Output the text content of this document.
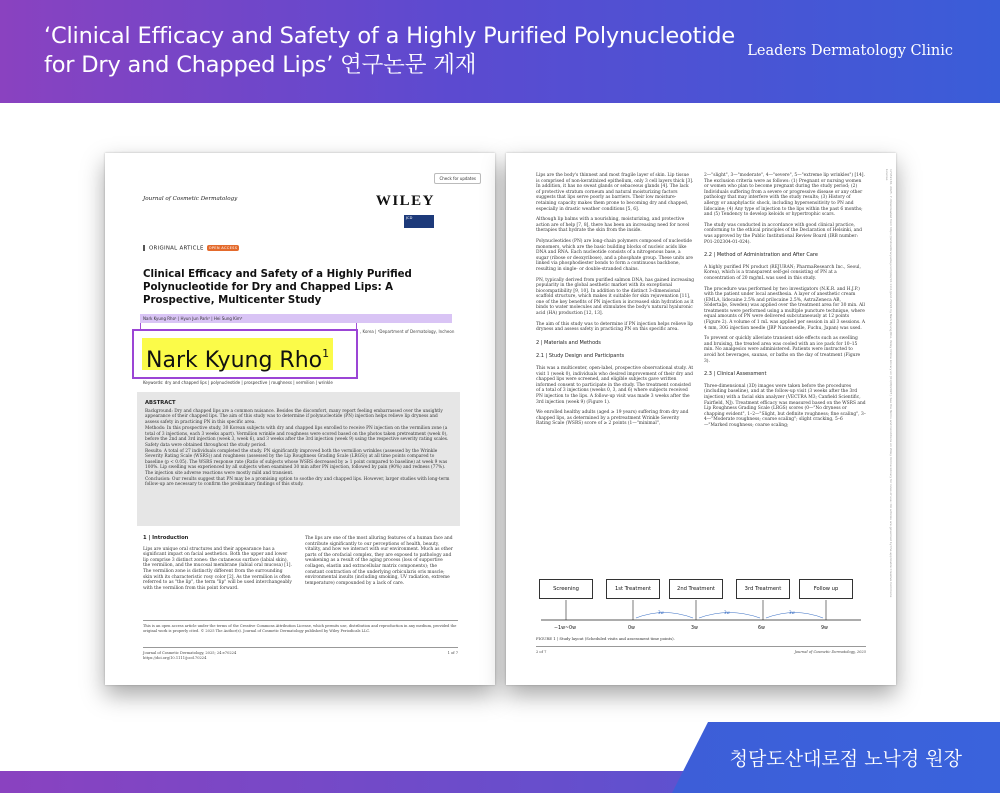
‘Clinical Efficacy and Safety of a Highly Purified Polynucleotide
for Dry and Chapped Lips’ 연구논문 게재
Leaders Dermatology Clinic
Check for updates
Journal of Cosmetic Dermatology	WILEY
JCD
ORIGINAL ARTICLE OPEN ACCESS
Clinical Efficacy and Safety of a Highly Purified Polynucleotide for Dry and Chapped Lips: A Prospective, Multicenter Study
Nark Kyung Rho¹ | Hyun Jun Park² | Hei Sung Kim³
, Korea | ³Department of Dermatology, Incheon
Nark Kyung Rho$^1$
Keywords: dry and chapped lips | polynucleotide | prospective | roughness | vermilion | wrinkle
ABSTRACT

Background: Dry and chapped lips are a common nuisance. Besides the discomfort, many report feeling embarrassed over the unsightly appearance of their chapped lips. The aim of this study was to determine if polynucleotide (PN) injection helps relieve lip dryness and assess safety in practicing PN in this specific area.

Methods: In this prospective study, 30 Korean subjects with dry and chapped lips enrolled to receive PN injection on the vermilion zone (a total of 3 injections, each 3 weeks apart). Vermilion wrinkle and roughness were scored based on the photos taken pretreatment (week 0), before the 2nd and 3rd injection (week 3, week 6), and 3 weeks after the 3rd injection (week 9) using the respective severity rating scales. Safety data were obtained throughout the study period.

Results: A total of 27 individuals completed the study. PN significantly improved both the vermilion wrinkles (assessed by the Wrinkle Severity Rating Scale (WSRS)) and roughness (assessed by the Lip Roughness Grading Scale (LRGS)) at all time points compared to baseline (p < 0.05). The WSRS response rate (Ratio of subjects whose WSRS decreased by ≥ 1 point compared to baseline) at week 9 was 100%. Lip swelling was experienced by all subjects when examined 30 min after PN injection, followed by pain (90%) and redness (77%). The injection site adverse reactions were mostly mild and transient.

Conclusion: Our results suggest that PN may be a promising option to soothe dry and chapped lips. However, larger studies with long-term follow-up are necessary to confirm the preliminary findings of this study.

1 | Introduction

Lips are unique oral structures and their appearance has a significant impact on facial aesthetics. Both the upper and lower lip comprise 3 distinct zones: the cutaneous surface (labial skin), the vermilion, and the mucosal membrane (labial oral mucosa) [1]. The vermilion zone is distinctly different from the surrounding skin with its characteristic rosy color [2]. As the vermilion is often referred to as "the lip", the term "lip" will be used interchangeably with the vermilion from this point forward.

The lips are one of the most alluring features of a human face and contribute significantly to our perceptions of health, beauty, vitality, and how we interact with our environment. Much as other parts of the orofacial complex, they are exposed to pathology and weakening as a result of the aging process (loss of supportive collagen, elastin and extracellular matrix components); the constant contraction of the underlying orbicularis oris muscle; environmental insults (including smoking, UV radiation, extreme temperature) compounded by a lack of care.

This is an open access article under the terms of the Creative Commons Attribution License, which permits use, distribution and reproduction in any medium, provided the original work is properly cited. © 2025 The Author(s). Journal of Cosmetic Dermatology published by Wiley Periodicals LLC.
Journal of Cosmetic Dermatology, 2025; 24:e70224
https://doi.org/10.1111/jocd.70224
1 of 7

Lips are the body's thinnest and most fragile layer of skin. Lip tissue is comprised of non-keratinized epithelium, only 3 cell layers thick [3]. In addition, it has no sweat glands or sebaceous glands [4]. The lack of protective stratum corneum and natural moisturizing factors suggests that lips serve poorly as barriers. Their low moisture-retaining capacity makes them prone to becoming dry and chapped, especially in drastic weather conditions [5, 6].

Although lip balms with a nourishing, moisturizing, and protective action are of help [7, 8], there has been an increasing need for novel therapies that hydrate the skin from the inside.

Polynucleotides (PN) are long-chain polymers composed of nucleotide monomers, which are the basic building blocks of nucleic acids like DNA and RNA. Each nucleotide consists of a nitrogenous base, a sugar (ribose or deoxyribose), and a phosphate group. These units are linked via phosphodiester bonds to form a continuous backbone, resulting in single- or double-stranded chains.

PN, typically derived from purified salmon DNA, has gained increasing popularity in the global aesthetic market with its exceptional biocompatibility [9, 10]. In addition to the distinct 3-dimensional scaffold structure, which makes it suitable for skin rejuvenation [11], one of the key benefits of PN injection is increased skin hydration as it binds to water molecules and stimulates the body's natural hyaluronic acid (HA) production [12, 13].

The aim of this study was to determine if PN injection helps relieve lip dryness and assess safety in practicing PN on this specific area.

2 | Materials and Methods
2.1 | Study Design and Participants

This was a multicenter, open-label, prospective observational study. At visit 1 (week 0), individuals who desired improvement of their dry and chapped lips were screened, and eligible subjects gave written informed consent to participate in the study. The treatment consisted of a total of 3 injections (weeks 0, 3, and 6) where subjects received PN injection to the lips. A follow-up visit was made 3 weeks after the 3rd injection (week 9) (Figure 1).

We enrolled healthy adults (aged ≥ 19 years) suffering from dry and chapped lips, as determined by a pretreatment Wrinkle Severity Rating Scale (WSRS) score of ≥ 2 points (1—"minimal",

2—"slight", 3—"moderate", 4—"severe", 5—"extreme lip wrinkles") [14]. The exclusion criteria were as follows: (1) Pregnant or nursing women or women who plan to become pregnant during the study period; (2) Individuals suffering from a severe or progressive disease or any other pathology that may interfere with the study results; (3) History of allergy or anaphylactic shock, including hypersensitivity to PN and lidocaine; (4) Any type of injection to the lips within the past 6 months; and (5) Tendency to develop keloids or hypertrophic scars.

The study was conducted in accordance with good clinical practice, conforming to the ethical principles of the Declaration of Helsinki, and was approved by the Public Institutional Review Board (IRB number: P01-202304-01-024).

2.2 | Method of Administration and After Care

A highly purified PN product (REJURAN; PharmaResearch Inc., Seoul, Korea), which is a transparent self-gel consisting of PN at a concentration of 20 mg/mL was used in this study.

The procedure was performed by two investigators (N.K.R. and H.J.P.) with the patient under local anesthesia. A layer of anesthetic cream (EMLA, lidocaine 2.5% and prilocaine 2.5%, AstraZeneca AB, Södertalje, Sweden) was applied over the treatment area for 30 min. All treatments were performed using a multiple puncture technique, where equal amounts of PN were delivered subcutaneously at 12 points (Figure 2). A volume of 1 mL was applied per session in all 3 sessions. A 4 mm, 30G injection needle (JBP Nanoneedle, Fuchu, Japan) was used.

To prevent or quickly alleviate transient side effects such as swelling and bruising, the treated area was cooled with an ice pack for 10–15 min. No analgesics were administered. Patients were instructed to avoid hot beverages, saunas, or baths on the day of treatment (Figure 3).

2.3 | Clinical Assessment

Three-dimensional (3D) images were taken before the procedures (including baseline), and at the follow-up visit (3 weeks after the 3rd injection) with a facial skin analyzer (VECTRA M3; Canfield Scientific, Fairfield, NJ). Treatment efficacy was measured based on the WSRS and Lip Roughness Grading Scale (LRGS) scores (0—"No dryness or chapping evident", 1–2—"Slight, but definite roughness; fine scaling", 3–4—"Moderate roughness; coarse scaling"; slight cracking, 5–6—"Marked roughness; coarse scaling;	17452130, 2025, 7, Downloaded from https://onlinelibrary.wiley.com/doi/10.1111/jocd.70224 by Nark Kyung Rho, Wiley Online Library on [01/08/2025]. See the Terms and Conditions on Wiley Online Library for rules of use; OA articles are governed by the applicable Creative Commons License
Screening	1st Treatment	2nd Treatment	3rd Treatment	Follow up
3w	3w	3w
−1w~0w	0w	3w	6w	9w
FIGURE 1 | Study layout (Scheduled visits and assessment time points).
2 of 7	Journal of Cosmetic Dermatology, 2025
청담도산대로점 노낙경 원장
